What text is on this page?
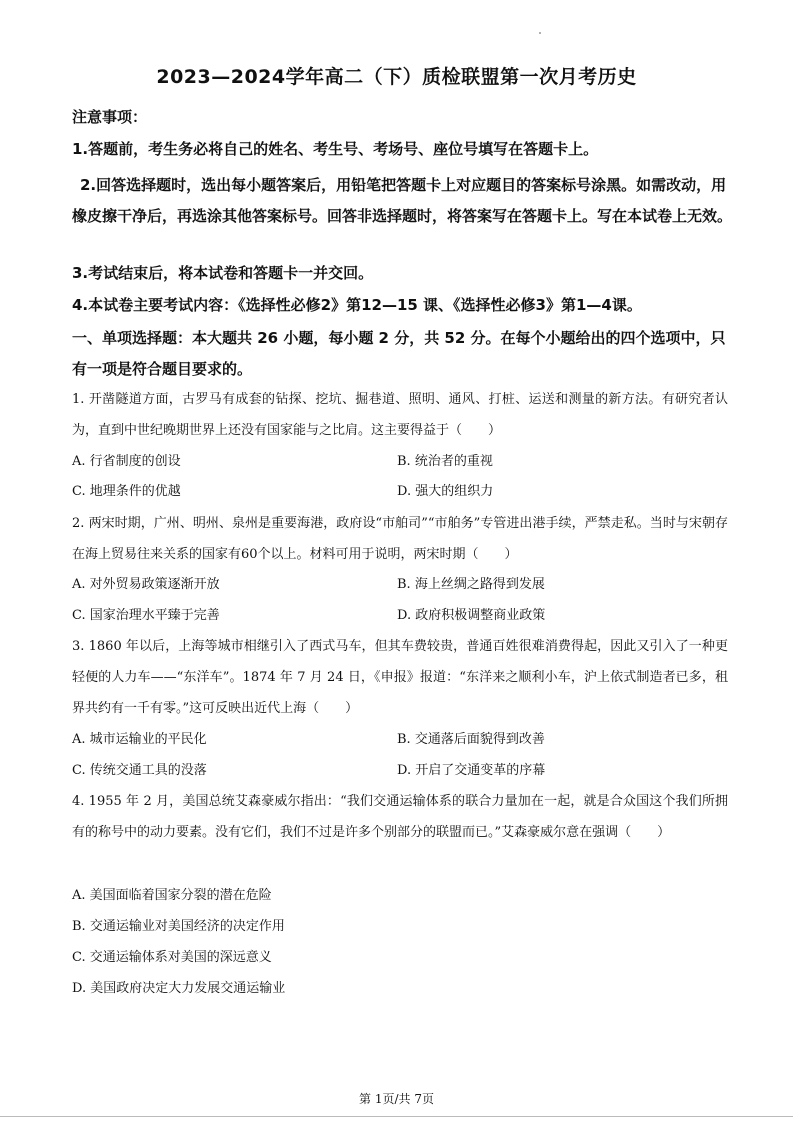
2023—2024学年高二（下）质检联盟第一次月考历史
注意事项：
1.答题前，考生务必将自己的姓名、考生号、考场号、座位号填写在答题卡上。
2.回答选择题时，选出每小题答案后，用铅笔把答题卡上对应题目的答案标号涂黑。如需改动，用橡皮擦干净后，再选涂其他答案标号。回答非选择题时，将答案写在答题卡上。写在本试卷上无效。
3.考试结束后，将本试卷和答题卡一并交回。
4.本试卷主要考试内容：《选择性必修2》第12—15 课、《选择性必修3》第1—4课。
一、单项选择题：本大题共 26 小题，每小题 2 分，共 52 分。在每个小题给出的四个选项中，只有一项是符合题目要求的。
1. 开凿隧道方面，古罗马有成套的钻探、挖坑、掘巷道、照明、通风、打桩、运送和测量的新方法。有研究者认为，直到中世纪晚期世界上还没有国家能与之比肩。这主要得益于（　　）
A. 行省制度的创设	B. 统治者的重视
C. 地理条件的优越	D. 强大的组织力
2. 两宋时期，广州、明州、泉州是重要海港，政府设“市舶司”“市舶务”专管进出港手续，严禁走私。当时与宋朝存在海上贸易往来关系的国家有60个以上。材料可用于说明，两宋时期（　　）
A. 对外贸易政策逐渐开放	B. 海上丝绸之路得到发展
C. 国家治理水平臻于完善	D. 政府积极调整商业政策
3. 1860 年以后，上海等城市相继引入了西式马车，但其车费较贵，普通百姓很难消费得起，因此又引入了一种更轻便的人力车——“东洋车”。1874 年 7 月 24 日，《申报》报道：“东洋来之顺利小车，沪上依式制造者已多，租界共约有一千有零。”这可反映出近代上海（　　）
A. 城市运输业的平民化	B. 交通落后面貌得到改善
C. 传统交通工具的没落	D. 开启了交通变革的序幕
4. 1955 年 2 月，美国总统艾森豪威尔指出：“我们交通运输体系的联合力量加在一起，就是合众国这个我们所拥有的称号中的动力要素。没有它们，我们不过是许多个别部分的联盟而已。”艾森豪威尔意在强调（　　）
A. 美国面临着国家分裂的潜在危险
B. 交通运输业对美国经济的决定作用
C. 交通运输体系对美国的深远意义
D. 美国政府决定大力发展交通运输业
第 1页/共 7页
